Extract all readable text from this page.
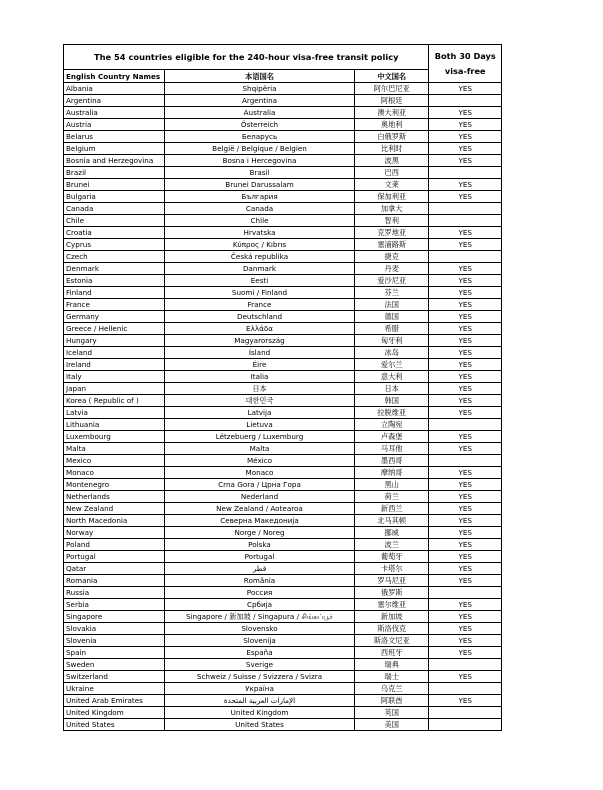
The 54 countries eligible for the 240-hour visa-free transit policy			Both 30 Days
visa-free

English Country Names	本语国名	中文国名	
Albania	Shqipëria	阿尔巴尼亚	YES
Argentina	Argentina	阿根廷	
Australia	Australia	澳大利亚	YES
Austria	Österreich	奥地利	YES
Belarus	Беларусь	白俄罗斯	YES
Belgium	België / Belgique / Belgien	比利时	YES
Bosnia and Herzegovina	Bosna i Hercegovina	波黑	YES
Brazil	Brasil	巴西	
Brunei	Brunei Darussalam	文莱	YES
Bulgaria	България	保加利亚	YES
Canada	Canada	加拿大	
Chile	Chile	智利	
Croatia	Hrvatska	克罗地亚	YES
Cyprus	Κύπρος / Kıbrıs	塞浦路斯	YES
Czech	Česká republika	捷克	
Denmark	Danmark	丹麦	YES
Estonia	Eesti	爱沙尼亚	YES
Finland	Suomi / Finland	芬兰	YES
France	France	法国	YES
Germany	Deutschland	德国	YES
Greece / Hellenic	Ελλάδα	希腊	YES
Hungary	Magyarország	匈牙利	YES
Iceland	Ísland	冰岛	YES
Ireland	Éire	爱尔兰	YES
Italy	Italia	意大利	YES
Japan	日本	日本	YES
Korea ( Republic of )	대한민국	韩国	YES
Latvia	Latvija	拉脱维亚	YES
Lithuania	Lietuva	立陶宛	
Luxembourg	Lëtzebuerg / Luxemburg	卢森堡	YES
Malta	Malta	马耳他	YES
Mexico	México	墨西哥	
Monaco	Monaco	摩纳哥	YES
Montenegro	Crna Gora / Црна Гора	黑山	YES
Netherlands	Nederland	荷兰	YES
New Zealand	New Zealand / Aotearoa	新西兰	YES
North Macedonia	Северна Македонија	北马其顿	YES
Norway	Norge / Noreg	挪威	YES
Poland	Polska	波兰	YES
Portugal	Portugal	葡萄牙	YES
Qatar	قطر	卡塔尔	YES
Romania	România	罗马尼亚	YES
Russia	Россия	俄罗斯	
Serbia	Србија	塞尔维亚	YES
Singapore	Singapore / 新加坡 / Singapura / சிங்கப்பூர்	新加坡	YES
Slovakia	Slovensko	斯洛伐克	YES
Slovenia	Slovenija	斯洛文尼亚	YES
Spain	España	西班牙	YES
Sweden	Sverige	瑞典	
Switzerland	Schweiz / Suisse / Svizzera / Svizra	瑞士	YES
Ukraine	Україна	乌克兰	
United Arab Emirates	الإمارات العربية المتحدة	阿联酋	YES
United Kingdom	United Kingdom	英国	
United States	United States	美国	
